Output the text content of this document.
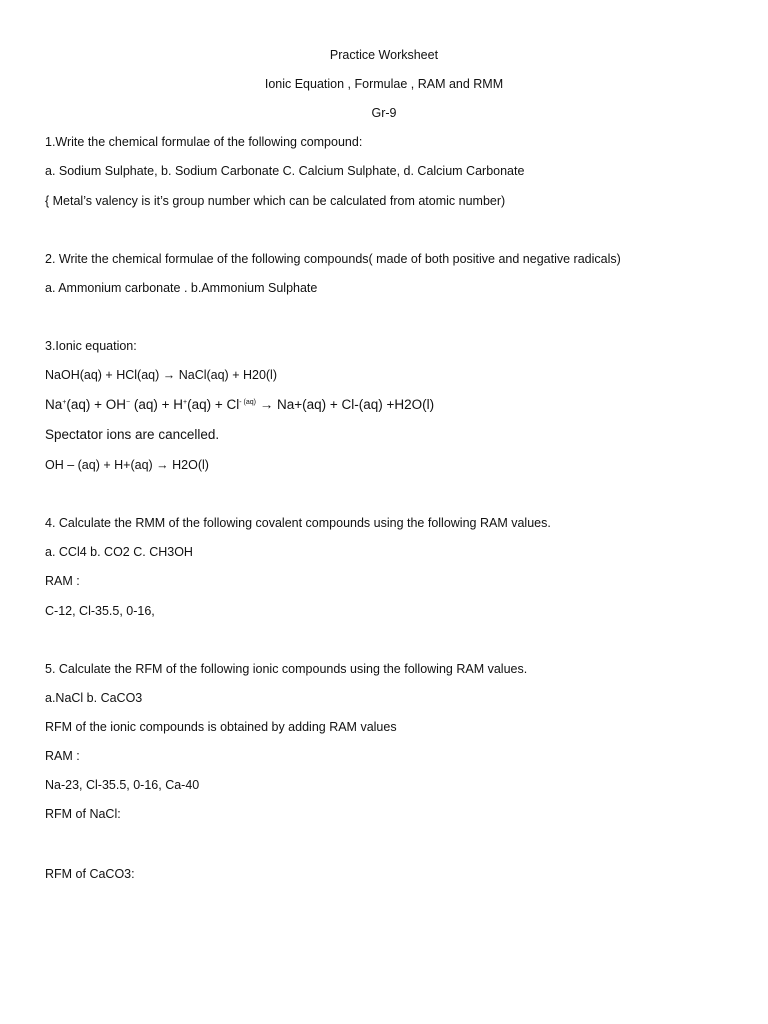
Practice Worksheet
Ionic Equation , Formulae , RAM and RMM
Gr-9
1.Write the chemical formulae of the following compound:
a. Sodium Sulphate, b. Sodium Carbonate C. Calcium Sulphate, d. Calcium Carbonate
{ Metal’s valency is it’s group number which can be calculated from atomic number)
2. Write the chemical formulae of the following compounds( made of both positive and negative radicals)
a. Ammonium carbonate . b.Ammonium Sulphate
3.Ionic equation:
NaOH(aq) + HCl(aq) → NaCl(aq) + H20(l)
Na+(aq) + OH− $(aq) + H^+(aq) + Cl^{- (aq)} \to Na+(aq) + Cl-(aq) +H2O(l)$
Spectator ions are cancelled.
OH – (aq) + H+(aq) → H2O(l)
4. Calculate the RMM of the following covalent compounds using the following RAM values.
a. CCl4 b. CO2 C. CH3OH
RAM :
C-12, Cl-35.5, 0-16,
5. Calculate the RFM of the following ionic compounds using the following RAM values.
a.NaCl b. CaCO3
RFM of the ionic compounds is obtained by adding RAM values
RAM :
Na-23, Cl-35.5, 0-16, Ca-40
RFM of NaCl:
RFM of CaCO3:
